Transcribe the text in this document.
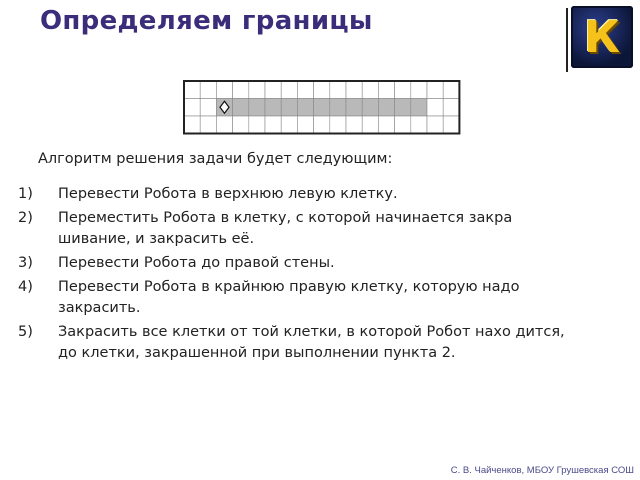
Определяем границы	К
Алгоритм решения задачи будет следующим:
1) Перевести Робота в верхнюю левую клетку.
2) Переместить Робота в клетку, с которой начинается закра шивание, и закрасить её.
3) Перевести Робота до правой стены.
4) Перевести Робота в крайнюю правую клетку, которую надо закрасить.
5) Закрасить все клетки от той клетки, в которой Робот нахо дится, до клетки, закрашенной при выполнении пункта 2.
С. В. Чайченков, МБОУ Грушевская СОШ
